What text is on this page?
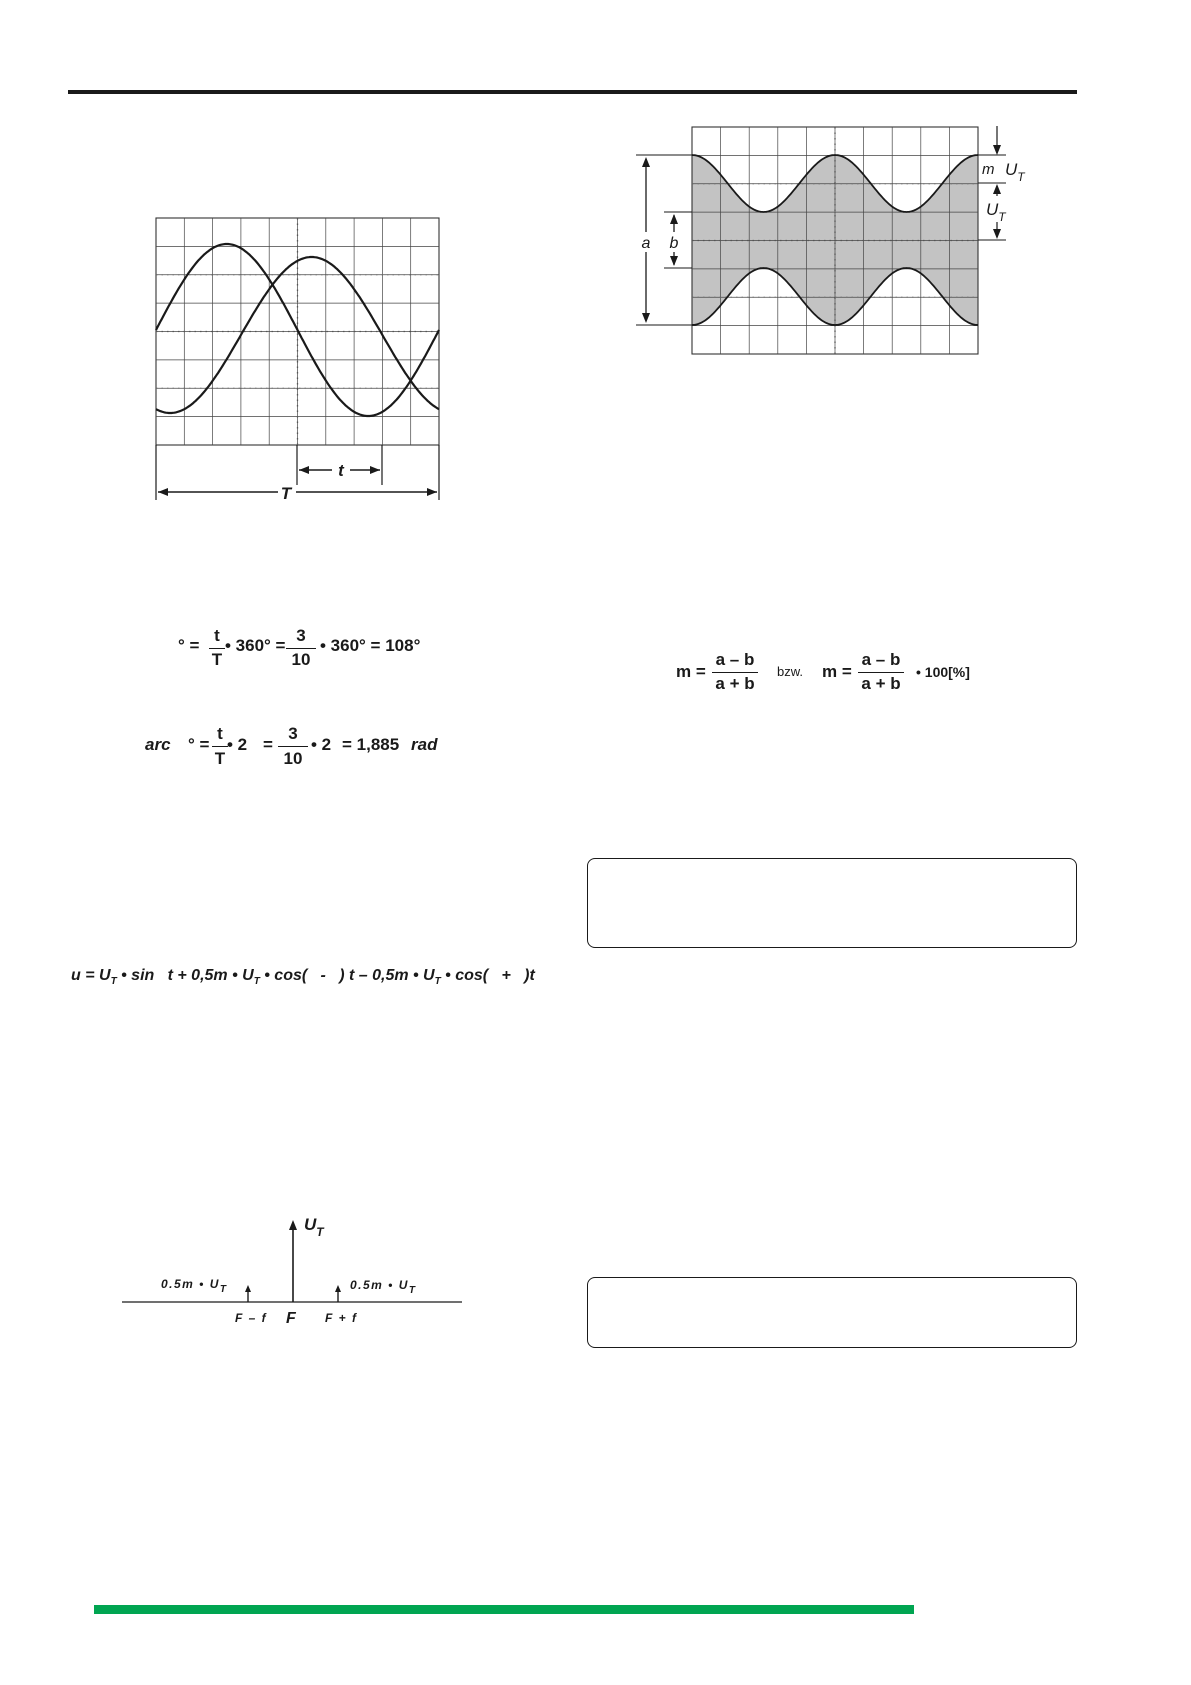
t
T
° =
t
T
• 360° =
3
10
• 360° = 108°
arc ° =
t
T
• 2 =
3
10
• 2 = 1,885 rad
$u = U_T$ • sin   t + 0,5m • $U_T$ • cos(   -   ) t – 0,5m • $U_T$ • cos(   +   )t
$U_T$
0.5m • $U_T$	0.5m • $U_T$
F – f F F + f
a b
m $U_T$
$U_T$
m =
a – b
a + b
bzw. m =
a – b
a + b
• 100[%]
